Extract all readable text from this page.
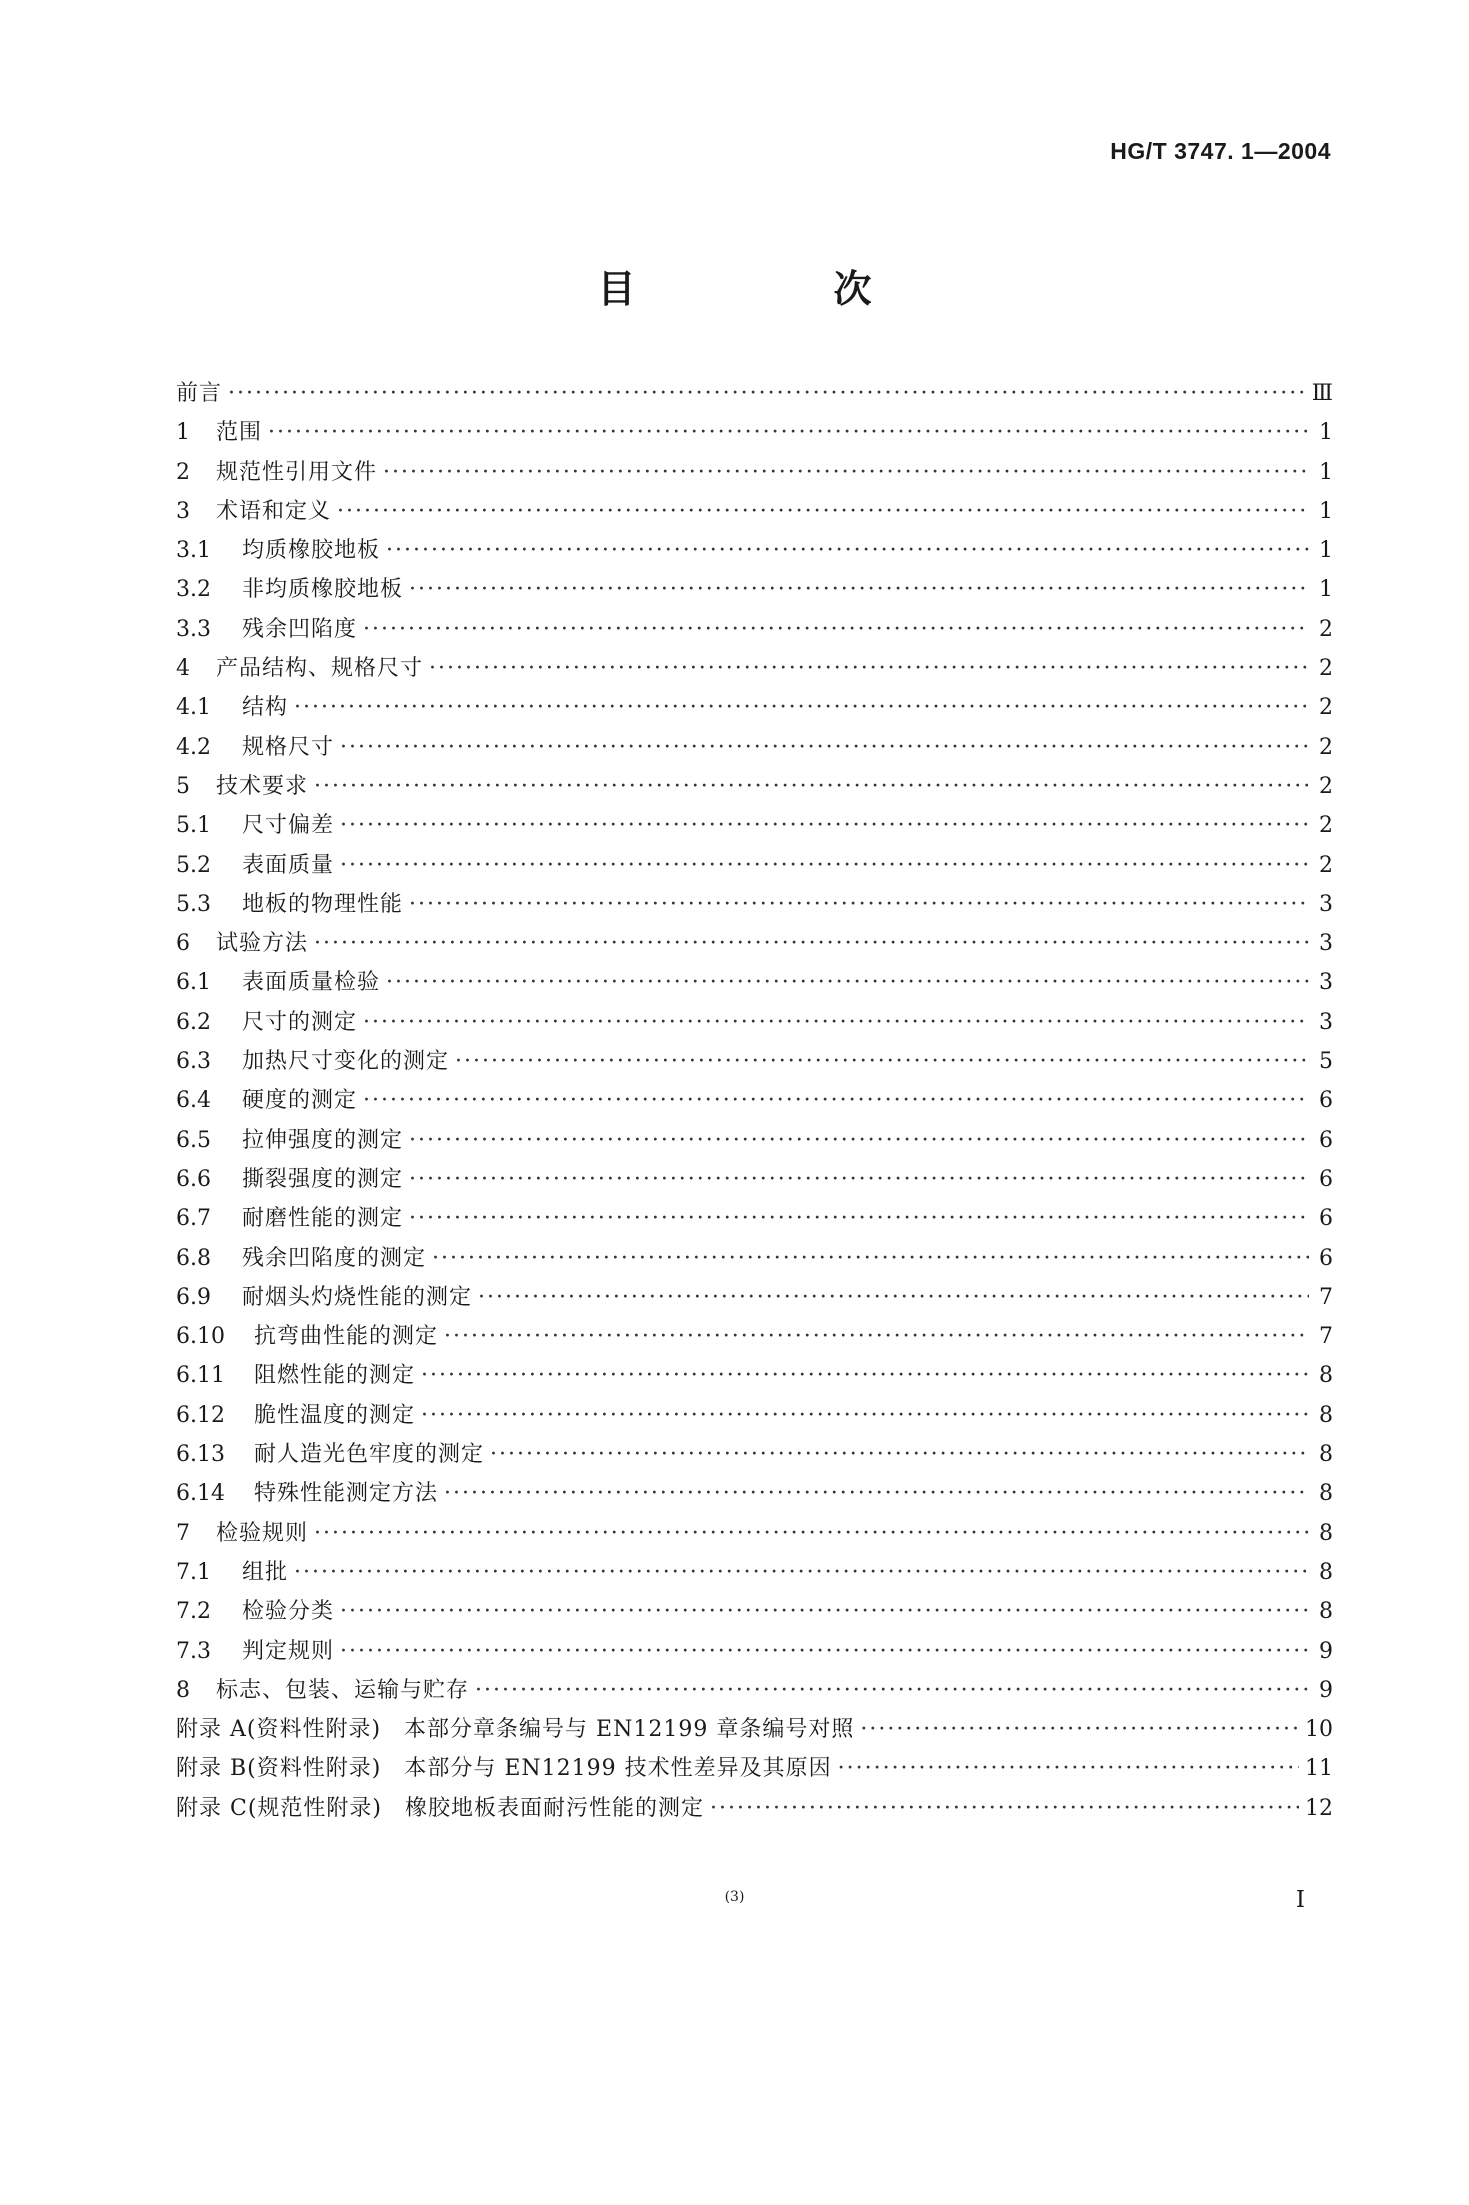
HG/T 3747. 1—2004
目　次
前言 ·····	Ⅲ
1	范围 ·····	1
2	规范性引用文件 ·····	1
3	术语和定义 ·····	1
3.1	均质橡胶地板 ·····	1
3.2	非均质橡胶地板 ·····	1
3.3	残余凹陷度 ·····	2
4	产品结构、规格尺寸 ·····	2
4.1	结构 ·····	2
4.2	规格尺寸 ·····	2
5	技术要求 ·····	2
5.1	尺寸偏差 ·····	2
5.2	表面质量 ·····	2
5.3	地板的物理性能 ·····	3
6	试验方法 ·····	3
6.1	表面质量检验 ·····	3
6.2	尺寸的测定 ·····	3
6.3	加热尺寸变化的测定 ·····	5
6.4	硬度的测定 ·····	6
6.5	拉伸强度的测定 ·····	6
6.6	撕裂强度的测定 ·····	6
6.7	耐磨性能的测定 ·····	6
6.8	残余凹陷度的测定 ·····	6
6.9	耐烟头灼烧性能的测定 ·····	7
6.10	抗弯曲性能的测定 ·····	7
6.11	阻燃性能的测定 ·····	8
6.12	脆性温度的测定 ·····	8
6.13	耐人造光色牢度的测定 ·····	8
6.14	特殊性能测定方法 ·····	8
7	检验规则 ·····	8
7.1	组批 ·····	8
7.2	检验分类 ·····	8
7.3	判定规则 ·····	9
8	标志、包装、运输与贮存 ·····	9
附录 A(资料性附录)　本部分章条编号与 EN12199 章条编号对照 ·····	10
附录 B(资料性附录)　本部分与 EN12199 技术性差异及其原因 ·····	11
附录 C(规范性附录)　橡胶地板表面耐污性能的测定 ·····	12
(3)	I
